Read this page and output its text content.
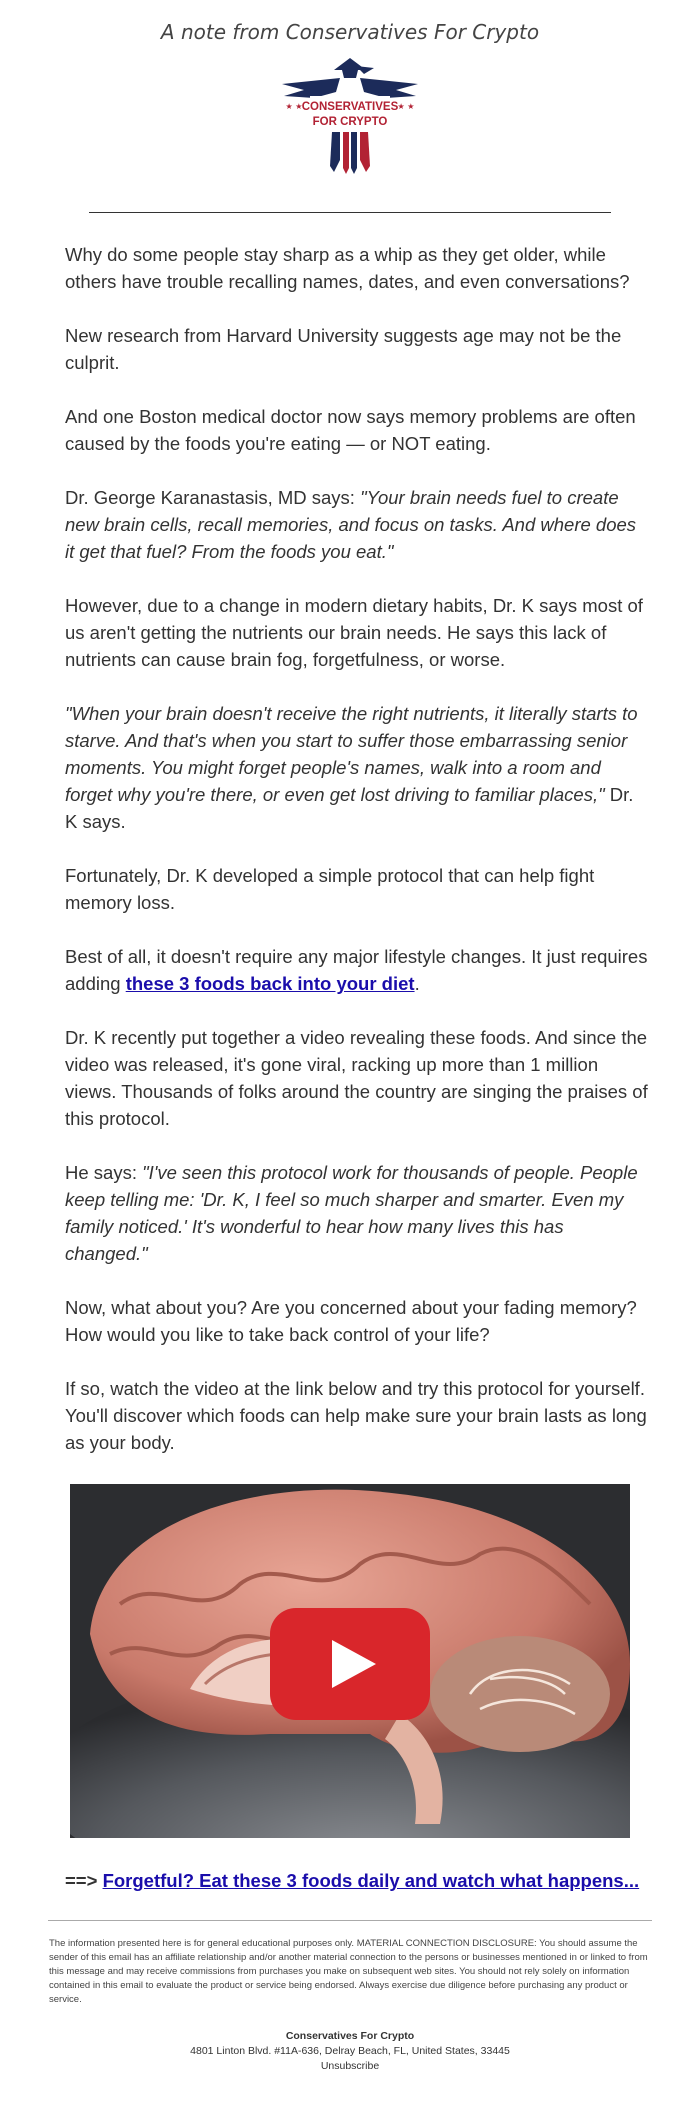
A note from Conservatives For Crypto
CONSERVATIVES
FOR CRYPTO
★ ★	★ ★

Why do some people stay sharp as a whip as they get older, while others have trouble recalling names, dates, and even conversations?

New research from Harvard University suggests age may not be the culprit.

And one Boston medical doctor now says memory problems are often caused by the foods you're eating — or NOT eating.

Dr. George Karanastasis, MD says: "Your brain needs fuel to create new brain cells, recall memories, and focus on tasks. And where does it get that fuel? From the foods you eat."

However, due to a change in modern dietary habits, Dr. K says most of us aren't getting the nutrients our brain needs. He says this lack of nutrients can cause brain fog, forgetfulness, or worse.

"When your brain doesn't receive the right nutrients, it literally starts to starve. And that's when you start to suffer those embarrassing senior moments. You might forget people's names, walk into a room and forget why you're there, or even get lost driving to familiar places," Dr. K says.

Fortunately, Dr. K developed a simple protocol that can help fight memory loss.

Best of all, it doesn't require any major lifestyle changes. It just requires adding these 3 foods back into your diet.

Dr. K recently put together a video revealing these foods. And since the video was released, it's gone viral, racking up more than 1 million views. Thousands of folks around the country are singing the praises of this protocol.

He says: "I've seen this protocol work for thousands of people. People keep telling me: 'Dr. K, I feel so much sharper and smarter. Even my family noticed.' It's wonderful to hear how many lives this has changed."

Now, what about you? Are you concerned about your fading memory? How would you like to take back control of your life?

If so, watch the video at the link below and try this protocol for yourself. You'll discover which foods can help make sure your brain lasts as long as your body.

==> Forgetful? Eat these 3 foods daily and watch what happens...
The information presented here is for general educational purposes only. MATERIAL CONNECTION DISCLOSURE: You should assume the sender of this email has an affiliate relationship and/or another material connection to the persons or businesses mentioned in or linked to from this message and may receive commissions from purchases you make on subsequent web sites. You should not rely solely on information contained in this email to evaluate the product or service being endorsed. Always exercise due diligence before purchasing any product or service.
Conservatives For Crypto
4801 Linton Blvd. #11A-636, Delray Beach, FL, United States, 33445
Unsubscribe
